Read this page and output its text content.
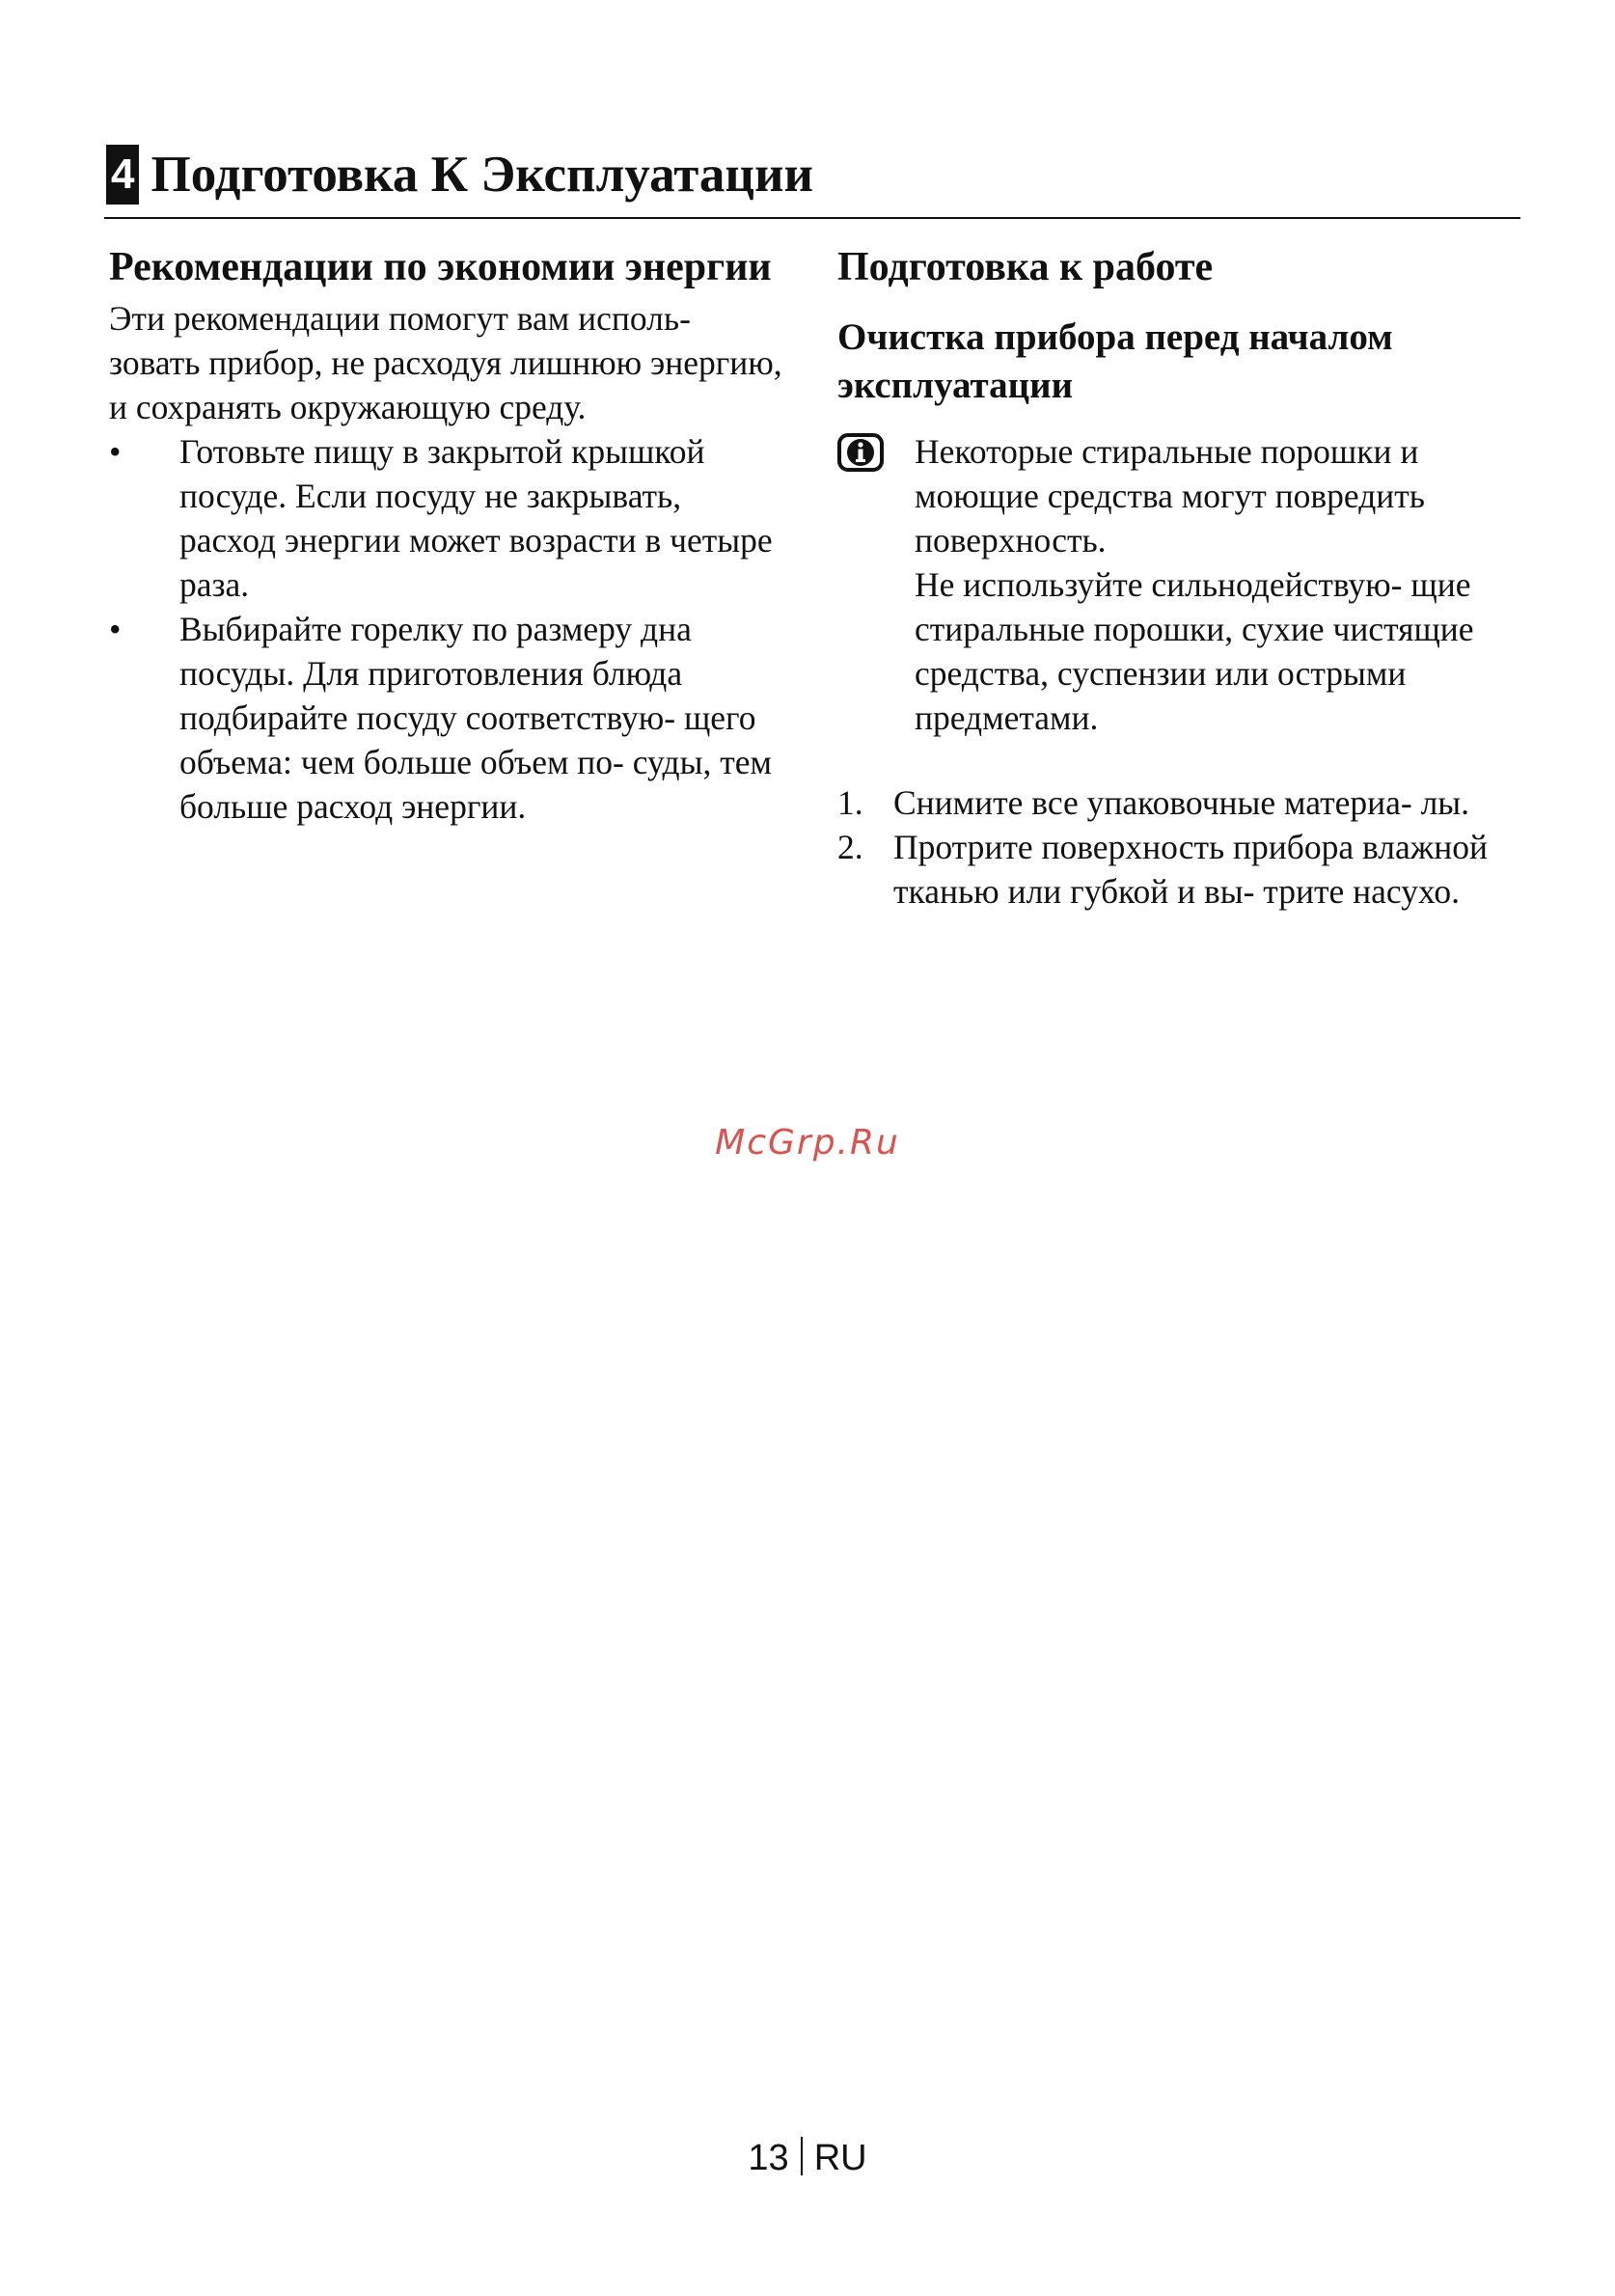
4 Подготовка К Эксплуатации
Рекомендации по экономии энергии

Эти рекомендации помогут вам исполь- зовать прибор, не расходуя лишнюю энергию, и сохранять окружающую среду.

• Готовьте пищу в закрытой крышкой посуде. Если посуду не закрывать, расход энергии может возрасти в четыре раза.
• Выбирайте горелку по размеру дна посуды. Для приготовления блюда подбирайте посуду соответствую- щего объема: чем больше объем по- суды, тем больше расход энергии.
Подготовка к работе
Очистка прибора перед началом эксплуатации

Некоторые стиральные порошки и моющие средства могут повредить поверхность.

Не используйте сильнодействую- щие стиральные порошки, сухие чистящие средства, суспензии или острыми предметами.

1. Снимите все упаковочные материа- лы.
2. Протрите поверхность прибора влажной тканью или губкой и вы- трите насухо.
McGrp.Ru
13 RU
